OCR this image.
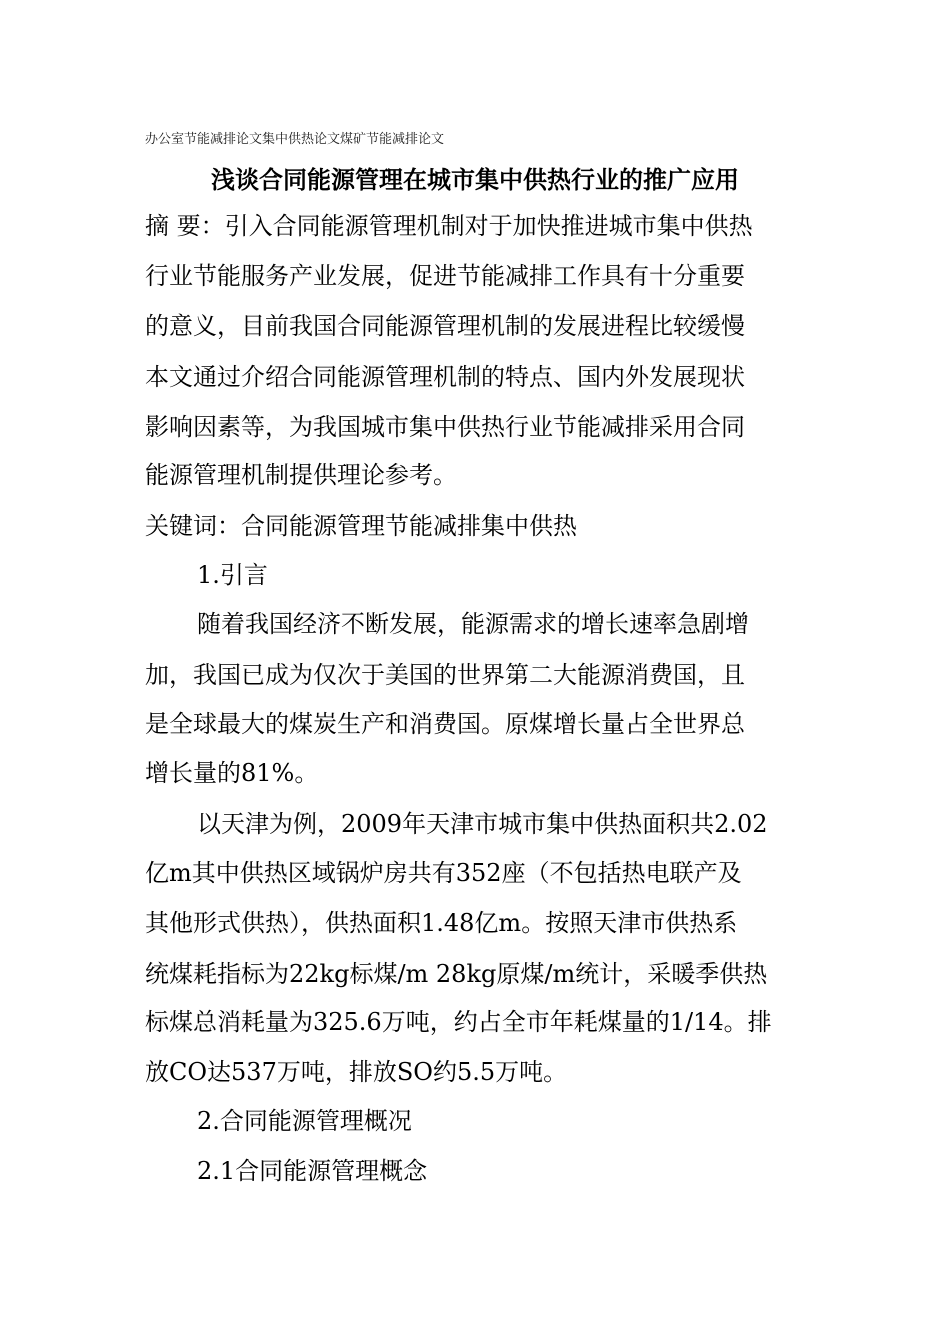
办公室节能减排论文集中供热论文煤矿节能减排论文
浅谈合同能源管理在城市集中供热行业的推广应用
摘 要：引入合同能源管理机制对于加快推进城市集中供热
行业节能服务产业发展，促进节能减排工作具有十分重要
的意义，目前我国合同能源管理机制的发展进程比较缓慢
本文通过介绍合同能源管理机制的特点、国内外发展现状
影响因素等，为我国城市集中供热行业节能减排采用合同
能源管理机制提供理论参考。
关键词：合同能源管理节能减排集中供热
1.引言
随着我国经济不断发展，能源需求的增长速率急剧增
加，我国已成为仅次于美国的世界第二大能源消费国，且
是全球最大的煤炭生产和消费国。原煤增长量占全世界总
增长量的81%。
以天津为例，2009年天津市城市集中供热面积共2.02
亿m其中供热区域锅炉房共有352座（不包括热电联产及
其他形式供热），供热面积1.48亿m。按照天津市供热系
统煤耗指标为22kg标煤/m 28kg原煤/m统计，采暖季供热
标煤总消耗量为325.6万吨，约占全市年耗煤量的1/14。排
放CO达537万吨，排放SO约5.5万吨。
2.合同能源管理概况
2.1合同能源管理概念
